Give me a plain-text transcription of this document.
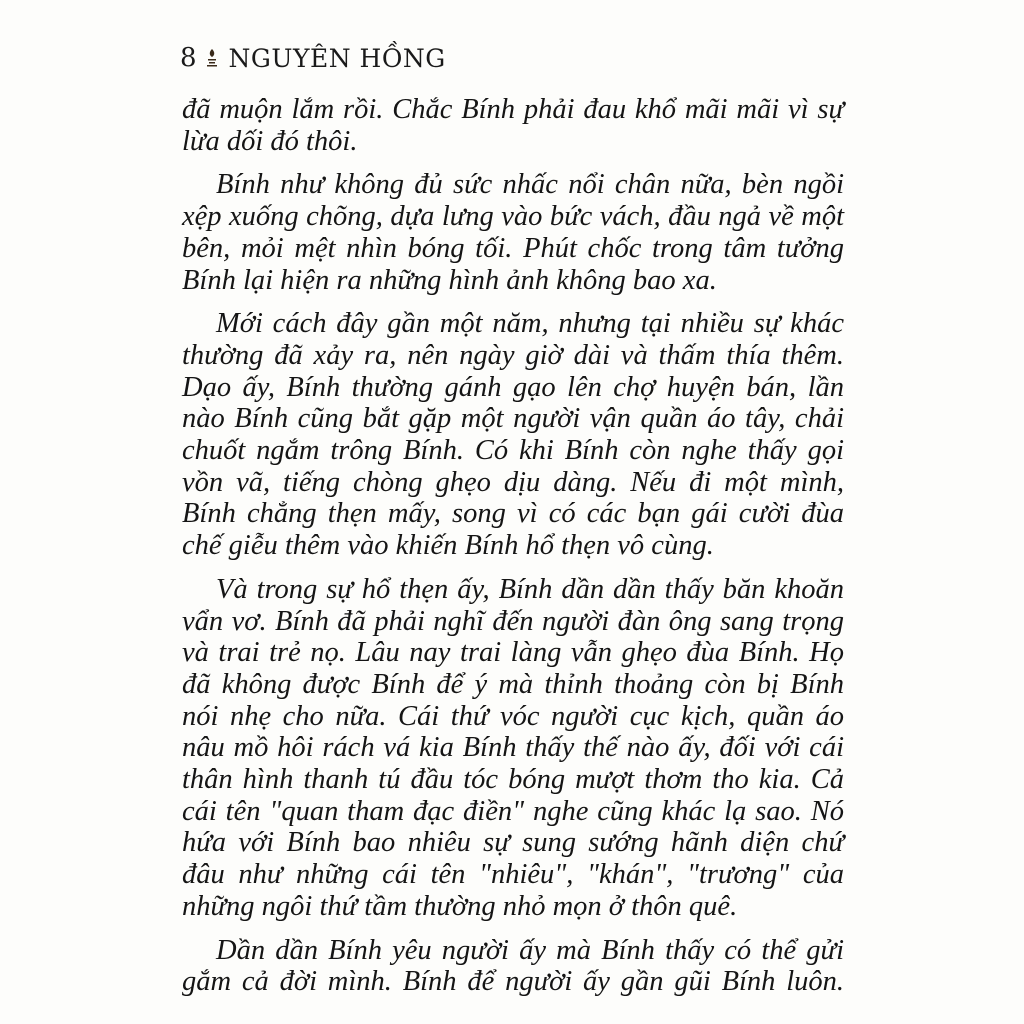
8 NGUYÊN HỒNG
đã muộn lắm rồi. Chắc Bính phải đau khổ mãi mãi vì sự
lừa dối đó thôi.
Bính như không đủ sức nhấc nổi chân nữa, bèn ngồi
xệp xuống chõng, dựa lưng vào bức vách, đầu ngả về một
bên, mỏi mệt nhìn bóng tối. Phút chốc trong tâm tưởng
Bính lại hiện ra những hình ảnh không bao xa.
Mới cách đây gần một năm, nhưng tại nhiều sự khác
thường đã xảy ra, nên ngày giờ dài và thấm thía thêm.
Dạo ấy, Bính thường gánh gạo lên chợ huyện bán, lần
nào Bính cũng bắt gặp một người vận quần áo tây, chải
chuốt ngắm trông Bính. Có khi Bính còn nghe thấy gọi
vồn vã, tiếng chòng ghẹo dịu dàng. Nếu đi một mình,
Bính chẳng thẹn mấy, song vì có các bạn gái cười đùa
chế giễu thêm vào khiến Bính hổ thẹn vô cùng.
Và trong sự hổ thẹn ấy, Bính dần dần thấy băn khoăn
vẩn vơ. Bính đã phải nghĩ đến người đàn ông sang trọng
và trai trẻ nọ. Lâu nay trai làng vẫn ghẹo đùa Bính. Họ
đã không được Bính để ý mà thỉnh thoảng còn bị Bính
nói nhẹ cho nữa. Cái thứ vóc người cục kịch, quần áo
nâu mồ hôi rách vá kia Bính thấy thế nào ấy, đối với cái
thân hình thanh tú đầu tóc bóng mượt thơm tho kia. Cả
cái tên "quan tham đạc điền" nghe cũng khác lạ sao. Nó
hứa với Bính bao nhiêu sự sung sướng hãnh diện chứ
đâu như những cái tên "nhiêu", "khán", "trương" của
những ngôi thứ tầm thường nhỏ mọn ở thôn quê.
Dần dần Bính yêu người ấy mà Bính thấy có thể gửi
gắm cả đời mình. Bính để người ấy gần gũi Bính luôn.
